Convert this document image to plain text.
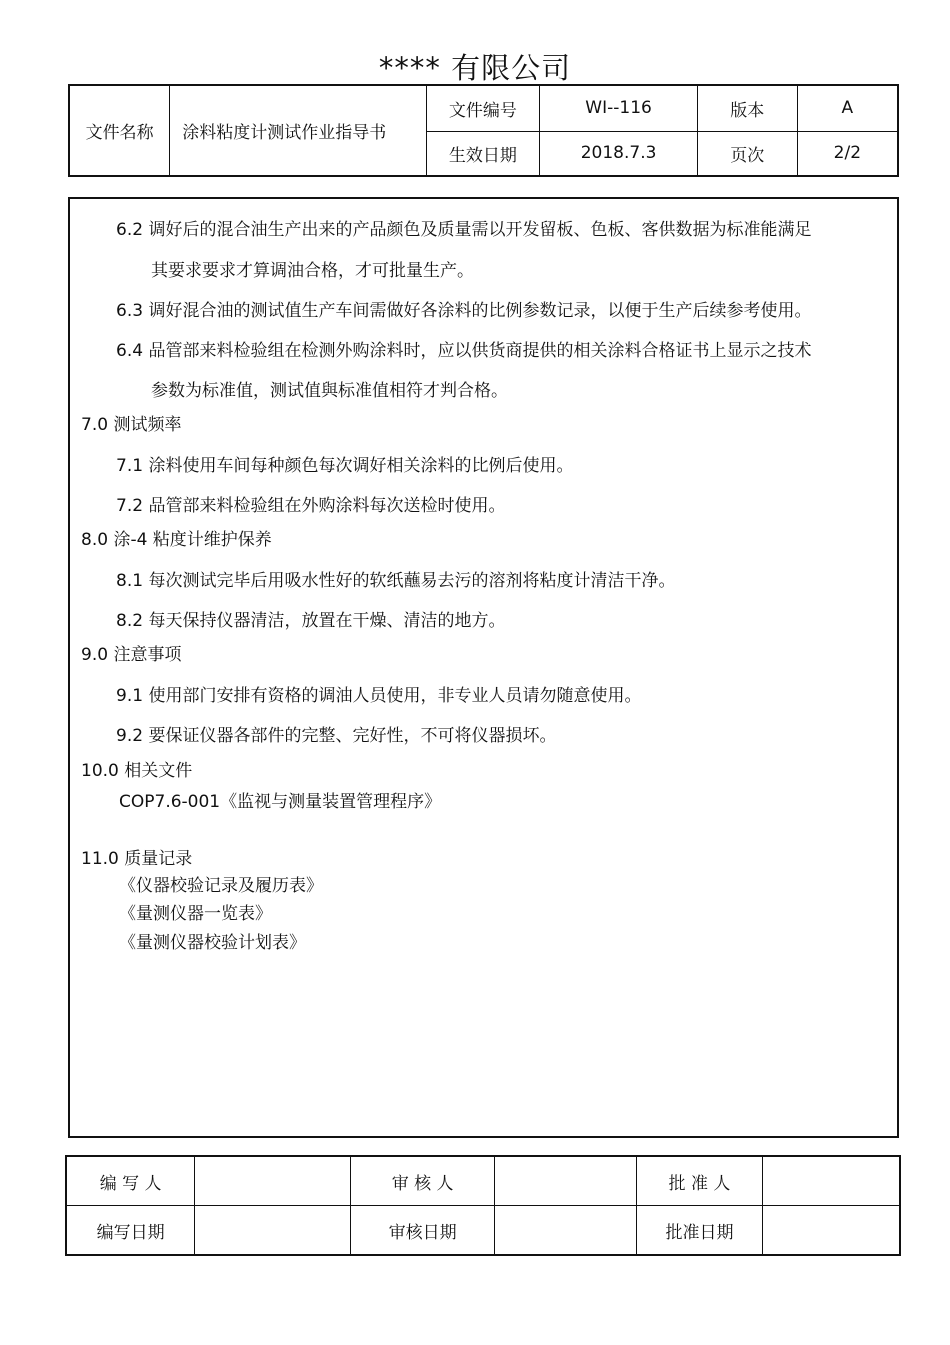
**** 有限公司
文件名称	涂料粘度计测试作业指导书	文件编号	WI--116	版本	A
		生效日期	2018.7.3	页次	2/2
6.2 调好后的混合油生产出来的产品颜色及质量需以开发留板、色板、客供数据为标准能满足
其要求要求才算调油合格，才可批量生产。
6.3 调好混合油的测试值生产车间需做好各涂料的比例参数记录，以便于生产后续参考使用。
6.4 品管部来料检验组在检测外购涂料时，应以供货商提供的相关涂料合格证书上显示之技术
参数为标准值，测试值與标准值相符才判合格。
7.0 测试频率
7.1 涂料使用车间每种颜色每次调好相关涂料的比例后使用。
7.2 品管部来料检验组在外购涂料每次送检时使用。
8.0 涂-4 粘度计维护保养
8.1 每次测试完毕后用吸水性好的软纸蘸易去污的溶剂将粘度计清洁干净。
8.2 每天保持仪器清洁，放置在干燥、清洁的地方。
9.0 注意事项
9.1 使用部门安排有资格的调油人员使用，非专业人员请勿随意使用。
9.2 要保证仪器各部件的完整、完好性，不可将仪器损坏。
10.0 相关文件
COP7.6-001《监视与测量装置管理程序》
11.0 质量记录
《仪器校验记录及履历表》
《量测仪器一览表》
《量测仪器校验计划表》
编 写 人		审 核 人		批 准 人	
编写日期		审核日期		批准日期	
